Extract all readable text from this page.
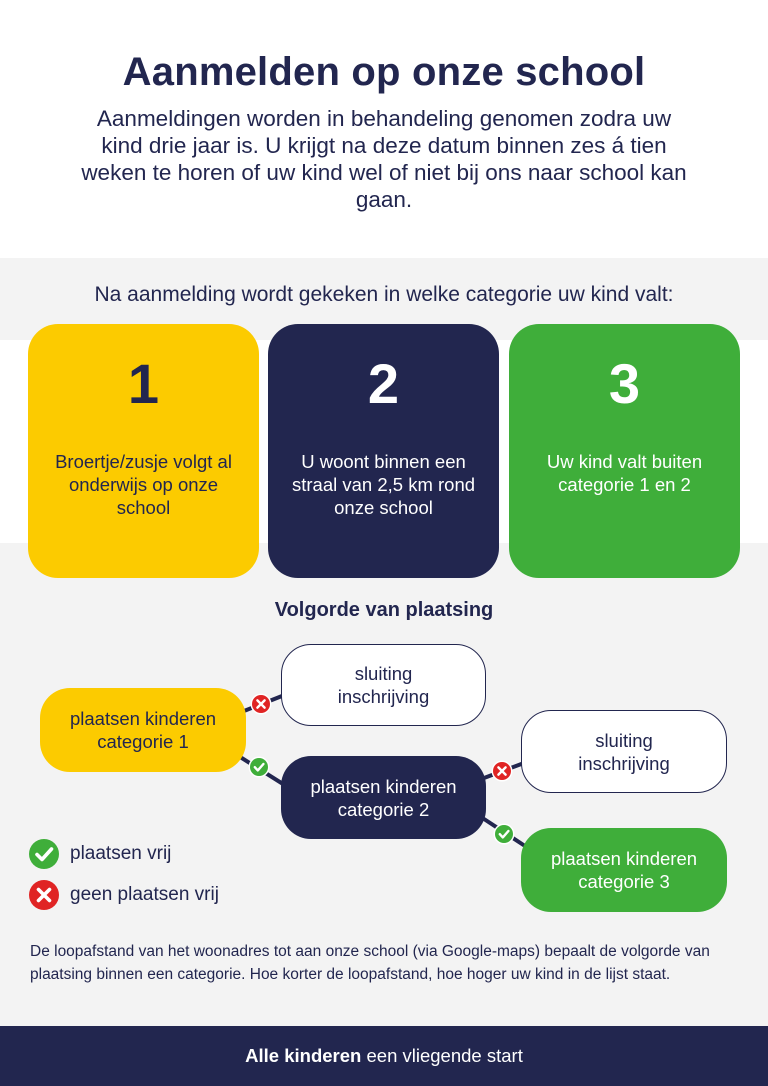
Aanmelden op onze school
Aanmeldingen worden in behandeling genomen zodra uw kind drie jaar is. U krijgt na deze datum binnen zes á tien weken te horen of uw kind wel of niet bij ons naar school kan gaan.
Na aanmelding wordt gekeken in welke categorie uw kind valt:
1
Broertje/zusje volgt al onderwijs op onze school
2
U woont binnen een straal van 2,5 km rond onze school
3
Uw kind valt buiten categorie 1 en 2
Volgorde van plaatsing
plaatsen kinderen
categorie 1
sluiting
inschrijving
plaatsen kinderen
categorie 2
sluiting
inschrijving
plaatsen kinderen
categorie 3
plaatsen vrij
geen plaatsen vrij
De loopafstand van het woonadres tot aan onze school (via Google-maps) bepaalt de volgorde van plaatsing binnen een categorie. Hoe korter de loopafstand, hoe hoger uw kind in de lijst staat.
Alle kinderen een vliegende start
